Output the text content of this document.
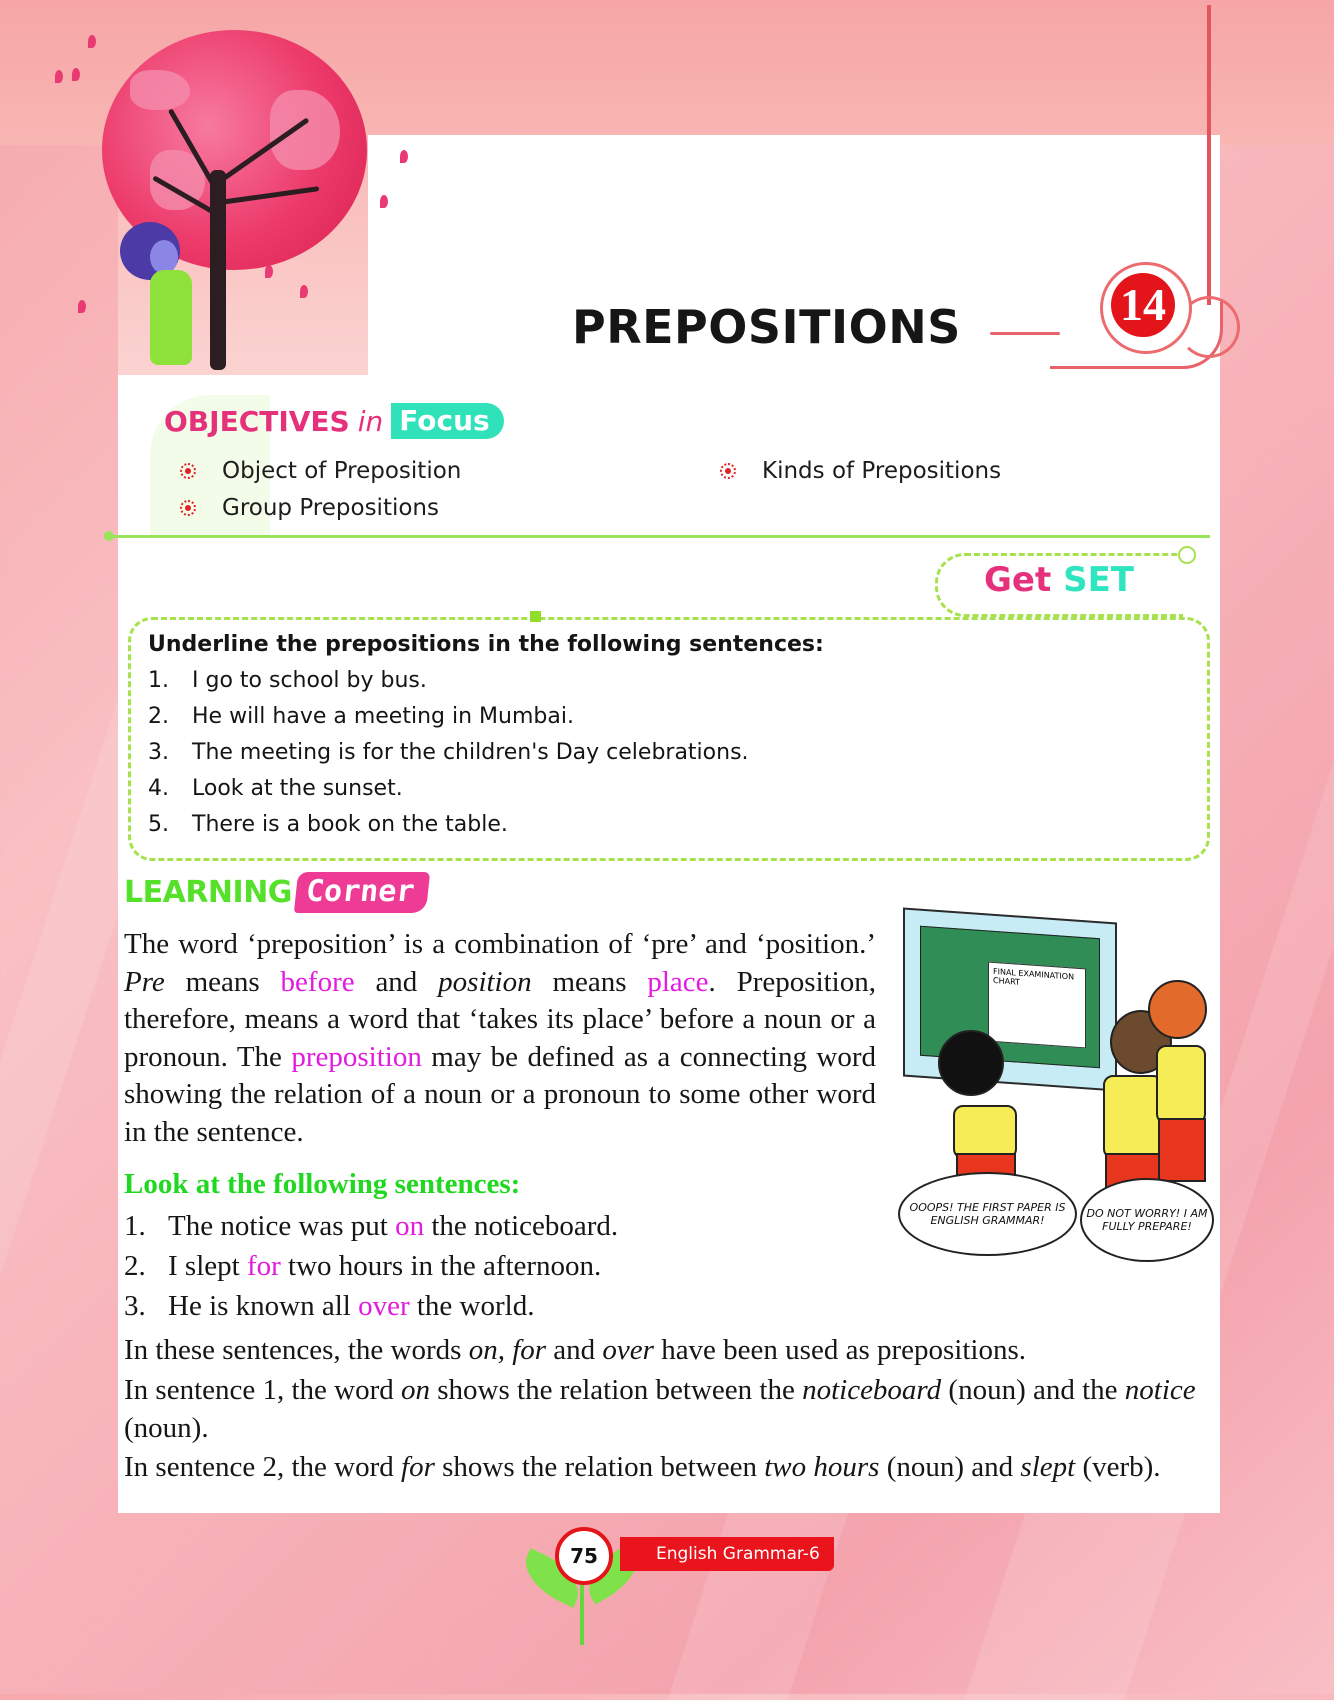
PREPOSITIONS	14
OBJECTIVES in Focus
Object of Preposition
Group Prepositions
Kinds of Prepositions
Get SET
Underline the prepositions in the following sentences:
1.	I go to school by bus.
2.	He will have a meeting in Mumbai.
3.	The meeting is for the children's Day celebrations.
4.	Look at the sunset.
5.	There is a book on the table.
LEARNING Corner

The word ‘preposition’ is a combination of ‘pre’ and ‘position.’ Pre means before and position means place. Preposition, therefore, means a word that ‘takes its place’ before a noun or a pronoun. The preposition may be defined as a connecting word showing the relation of a noun or a pronoun to some other word in the sentence.

FINAL EXAMINATION CHART
OOOPS! THE FIRST PAPER IS ENGLISH GRAMMAR!
DO NOT WORRY! I AM FULLY PREPARE!
Look at the following sentences:
1. The notice was put on the noticeboard.
2. I slept for two hours in the afternoon.
3. He is known all over the world.
In these sentences, the words on, for and over have been used as prepositions.
In sentence 1, the word on shows the relation between the noticeboard (noun) and the notice (noun).
In sentence 2, the word for shows the relation between two hours (noun) and slept (verb).
English Grammar-6
75
